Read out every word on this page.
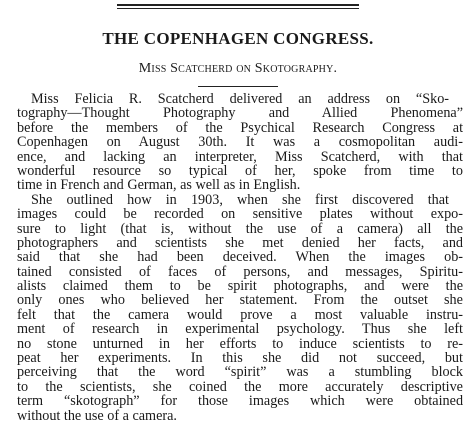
THE COPENHAGEN CONGRESS.
Miss Scatcherd on Skotography.

Miss Felicia R. Scatcherd delivered an address on “Sko-
tography—Thought Photography and Allied Phenomena”
before the members of the Psychical Research Congress at
Copenhagen on August 30th. It was a cosmopolitan audi-
ence, and lacking an interpreter, Miss Scatcherd, with that
wonderful resource so typical of her, spoke from time to
time in French and German, as well as in English.

She outlined how in 1903, when she first discovered that
images could be recorded on sensitive plates without expo-
sure to light (that is, without the use of a camera) all the
photographers and scientists she met denied her facts, and
said that she had been deceived. When the images ob-
tained consisted of faces of persons, and messages, Spiritu-
alists claimed them to be spirit photographs, and were the
only ones who believed her statement. From the outset she
felt that the camera would prove a most valuable instru-
ment of research in experimental psychology. Thus she left
no stone unturned in her efforts to induce scientists to re-
peat her experiments. In this she did not succeed, but
perceiving that the word “spirit” was a stumbling block
to the scientists, she coined the more accurately descriptive
term “skotograph” for those images which were obtained
without the use of a camera.
